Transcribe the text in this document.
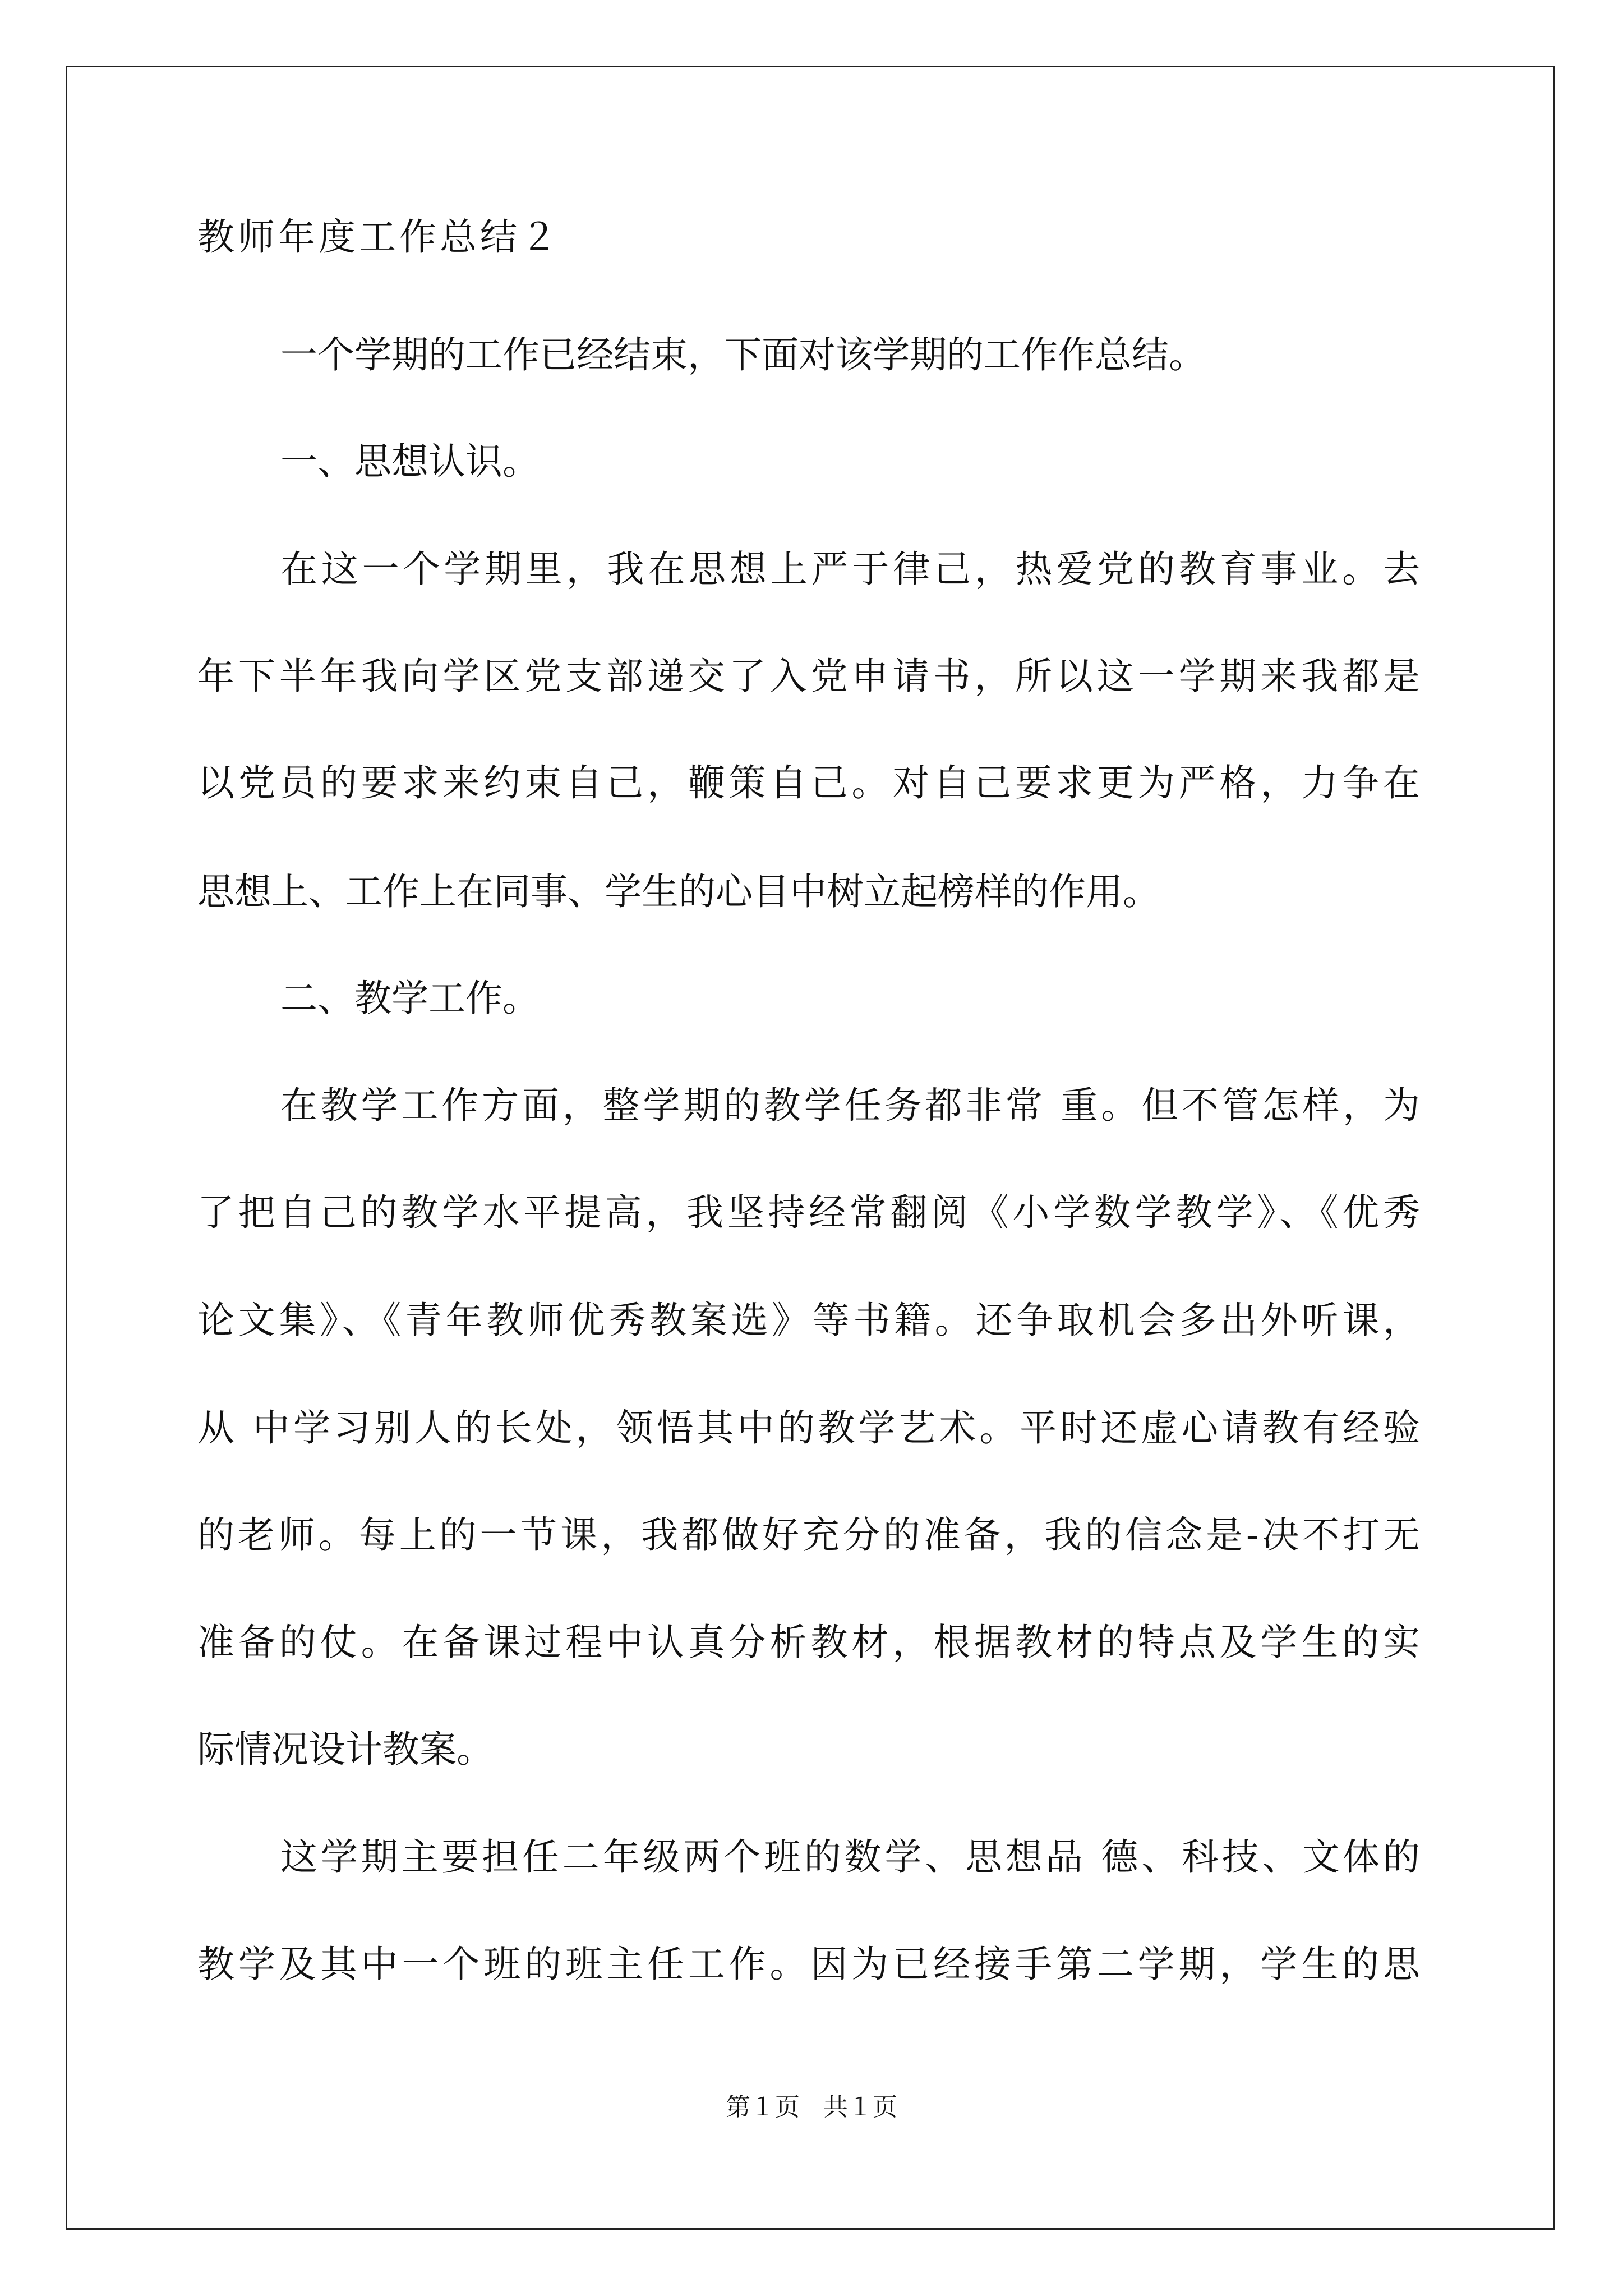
教师年度工作总结２
一个学期的工作已经结束，下面对该学期的工作作总结。
一、思想认识。
在这一个学期里，我在思想上严于律己，热爱党的教育事业。去
年下半年我向学区党支部递交了入党申请书，所以这一学期来我都是
以党员的要求来约束自己，鞭策自己。对自己要求更为严格，力争在
思想上、工作上在同事、学生的心目中树立起榜样的作用。
二、教学工作。
在教学工作方面，整学期的教学任务都非常 重。但不管怎样，为
了把自己的教学水平提高，我坚持经常翻阅《小学数学教学》、《优秀
论文集》、《青年教师优秀教案选》等书籍。还争取机会多出外听课，
从 中学习别人的长处，领悟其中的教学艺术。平时还虚心请教有经验
的老师。每上的一节课，我都做好充分的准备，我的信念是-决不打无
准备的仗。在备课过程中认真分析教材，根据教材的特点及学生的实
际情况设计教案。
这学期主要担任二年级两个班的数学、思想品 德、科技、文体的
教学及其中一个班的班主任工作。因为已经接手第二学期，学生的思
第１页   共１页
